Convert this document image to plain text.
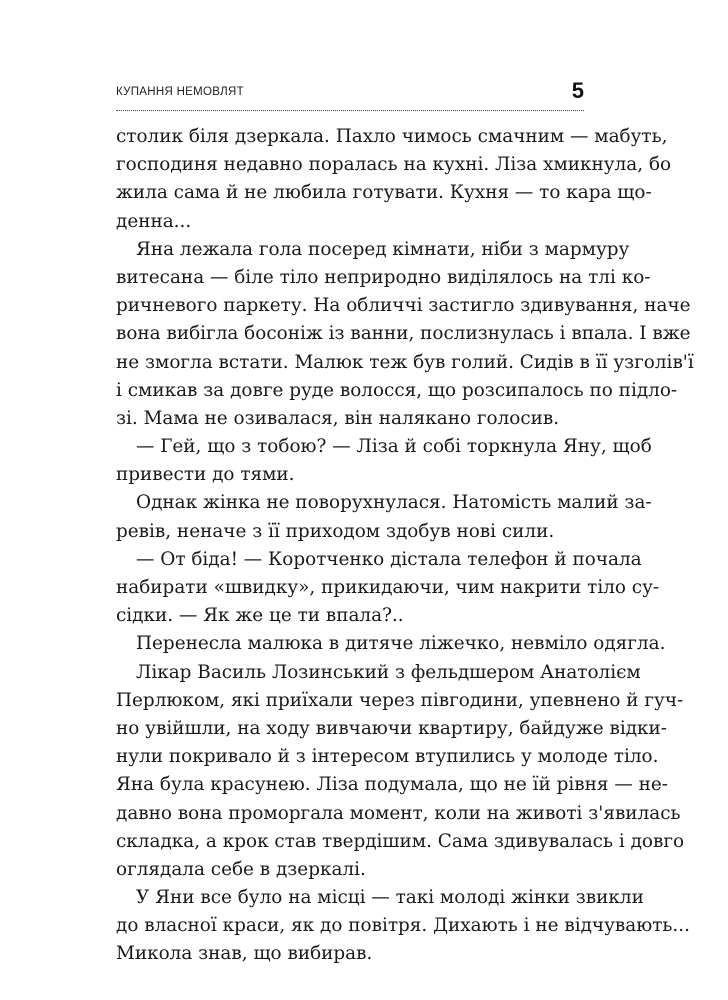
КУПАННЯ НЕМОВЛЯТ	5
столик біля дзеркала. Пахло чимось смачним — мабуть,
господиня недавно поралась на кухні. Ліза хмикнула, бо
жила сама й не любила готувати. Кухня — то кара що-
денна...
Яна лежала гола посеред кімнати, ніби з мармуру
витесана — біле тіло неприродно виділялось на тлі ко-
ричневого паркету. На обличчі застигло здивування, наче
вона вибігла босоніж із ванни, послизнулась і впала. І вже
не змогла встати. Малюк теж був голий. Сидів в її узголів'ї
і смикав за довге руде волосся, що розсипалось по підло-
зі. Мама не озивалася, він налякано голосив.
— Гей, що з тобою? — Ліза й собі торкнула Яну, щоб
привести до тями.
Однак жінка не поворухнулася. Натомість малий за-
ревів, неначе з її приходом здобув нові сили.
— От біда! — Коротченко дістала телефон й почала
набирати «швидку», прикидаючи, чим накрити тіло су-
сідки. — Як же це ти впала?..
Перенесла малюка в дитяче ліжечко, невміло одягла.
Лікар Василь Лозинський з фельдшером Анатолієм
Перлюком, які приїхали через півгодини, упевнено й гуч-
но увійшли, на ходу вивчаючи квартиру, байдуже відки-
нули покривало й з інтересом втупились у молоде тіло.
Яна була красунею. Ліза подумала, що не їй рівня — не-
давно вона проморгала момент, коли на животі з'явилась
складка, а крок став твердішим. Сама здивувалась і довго
оглядала себе в дзеркалі.
У Яни все було на місці — такі молоді жінки звикли
до власної краси, як до повітря. Дихають і не відчувають...
Микола знав, що вибирав.
